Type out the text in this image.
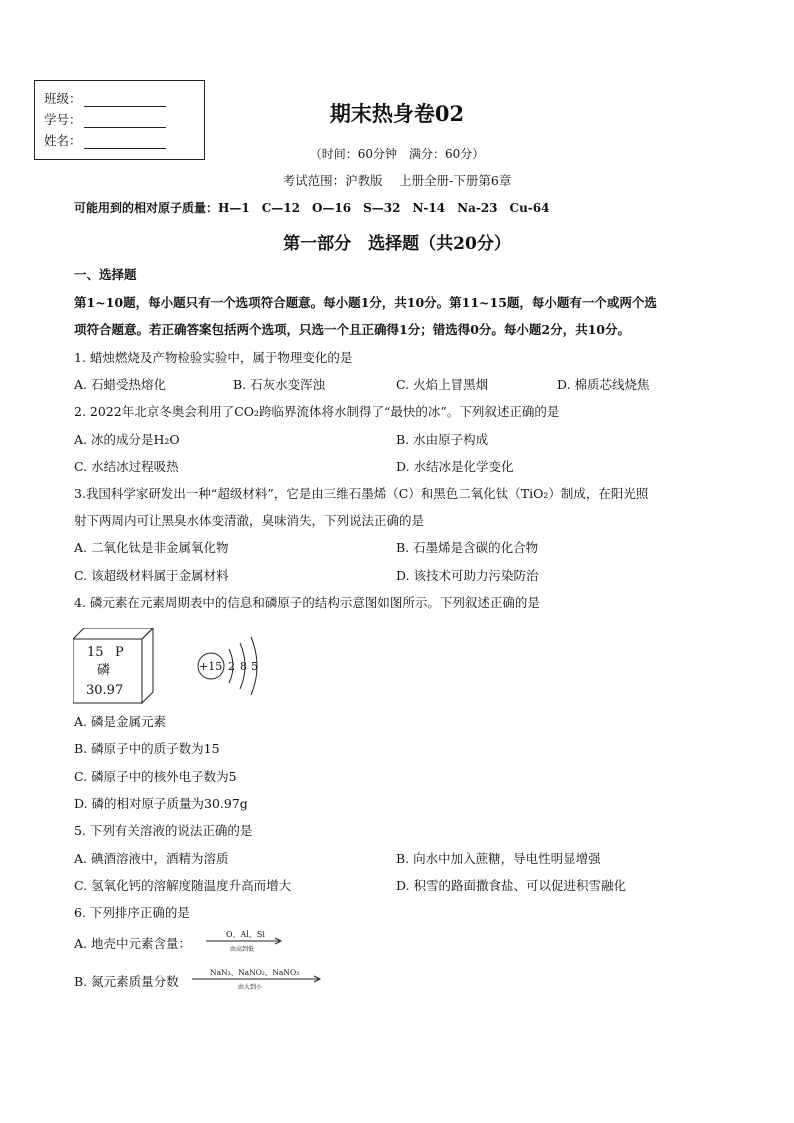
班级：
学号：
姓名：
期末热身卷02
（时间：60分钟　满分：60分）
考试范围：沪教版　 上册全册-下册第6章
可能用到的相对原子质量：H—1　C—12　O—16　S—32　N-14　Na-23　Cu-64
第一部分　选择题（共20分）
一、选择题
第1~10题，每小题只有一个选项符合题意。每小题1分，共10分。第11~15题，每小题有一个或两个选
项符合题意。若正确答案包括两个选项，只选一个且正确得1分；错选得0分。每小题2分，共10分。
1. 蜡烛燃烧及产物检验实验中，属于物理变化的是
A. 石蜡受热熔化	B. 石灰水变浑浊	C. 火焰上冒黑烟	D. 棉质芯线烧焦
2. 2022年北京冬奥会利用了CO₂跨临界流体将水制得了“最快的冰”。下列叙述正确的是
A. 冰的成分是H₂O	B. 水由原子构成
C. 水结冰过程吸热	D. 水结冰是化学变化
3.我国科学家研发出一种“超级材料”，它是由三维石墨烯（C）和黑色二氧化钛（TiO₂）制成，在阳光照
射下两周内可让黑臭水体变清澈，臭味消失，下列说法正确的是
A. 二氧化钛是非金属氧化物	B. 石墨烯是含碳的化合物
C. 该超级材料属于金属材料	D. 该技术可助力污染防治
4. 磷元素在元素周期表中的信息和磷原子的结构示意图如图所示。下列叙述正确的是
15 P
磷
30.97
+15 2 8 5
A. 磷是金属元素
B. 磷原子中的质子数为15
C. 磷原子中的核外电子数为5
D. 磷的相对原子质量为30.97g
5. 下列有关溶液的说法正确的是
A. 碘酒溶液中，酒精为溶质	B. 向水中加入蔗糖，导电性明显增强
C. 氢氧化钙的溶解度随温度升高而增大	D. 积雪的路面撒食盐、可以促进积雪融化
6. 下列排序正确的是
A. 地壳中元素含量：
O、Al、Si
由高到低
B. 氮元素质量分数
NaN₃、NaNO₂、NaNO₃
由大到小
